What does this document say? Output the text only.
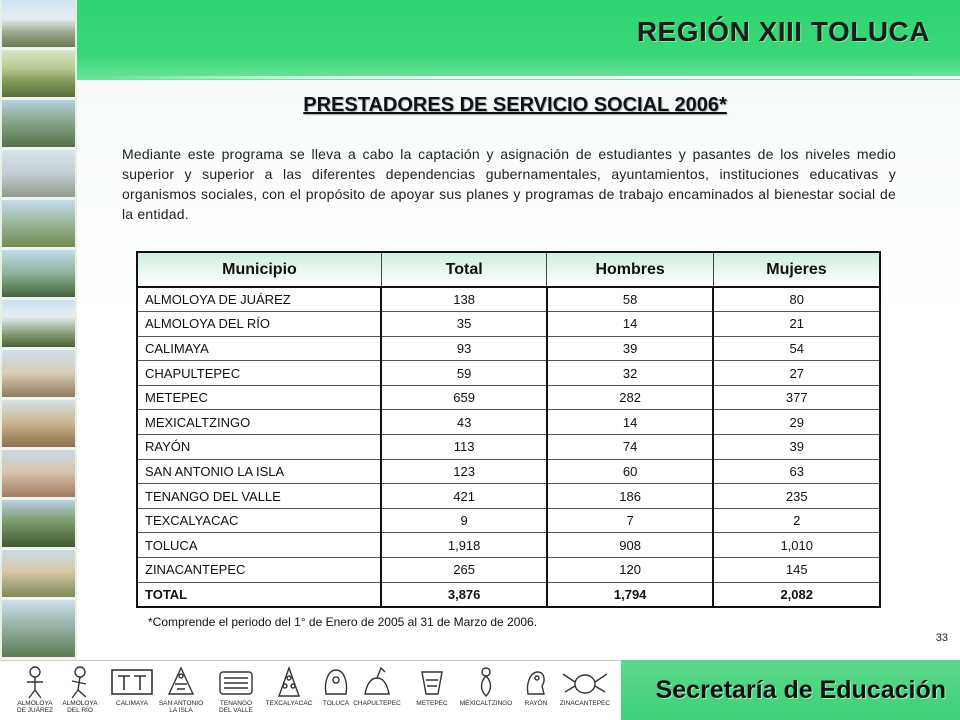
REGIÓN XIII TOLUCA
PRESTADORES DE SERVICIO SOCIAL 2006*

Mediante este programa se lleva a cabo la captación y asignación de estudiantes y pasantes de los niveles medio superior y superior a las diferentes dependencias gubernamentales, ayuntamientos, instituciones educativas y organismos sociales, con el propósito de apoyar sus planes y programas de trabajo encaminados al bienestar social de la entidad.

Municipio	Total	Hombres	Mujeres
ALMOLOYA DE JUÁREZ	138	58	80
ALMOLOYA DEL RÍO	35	14	21
CALIMAYA	93	39	54
CHAPULTEPEC	59	32	27
METEPEC	659	282	377
MEXICALTZINGO	43	14	29
RAYÓN	113	74	39
SAN ANTONIO LA ISLA	123	60	63
TENANGO DEL VALLE	421	186	235
TEXCALYACAC	9	7	2
TOLUCA	1,918	908	1,010
ZINACANTEPEC	265	120	145
TOTAL	3,876	1,794	2,082
*Comprende el periodo del 1° de Enero de 2005 al 31 de Marzo de 2006.
33
ALMOLOYA
DE JUÁREZ
ALMOLOYA
DEL RÍO
CALIMAYA	SAN ANTONIO
LA ISLA
TENANGO
DEL VALLE
TEXCALYACAC	TOLUCA CHAPULTEPEC	METEPEC	MEXICALTZINGO	RAYÓN	ZINACANTEPEC Secretaría de Educación
